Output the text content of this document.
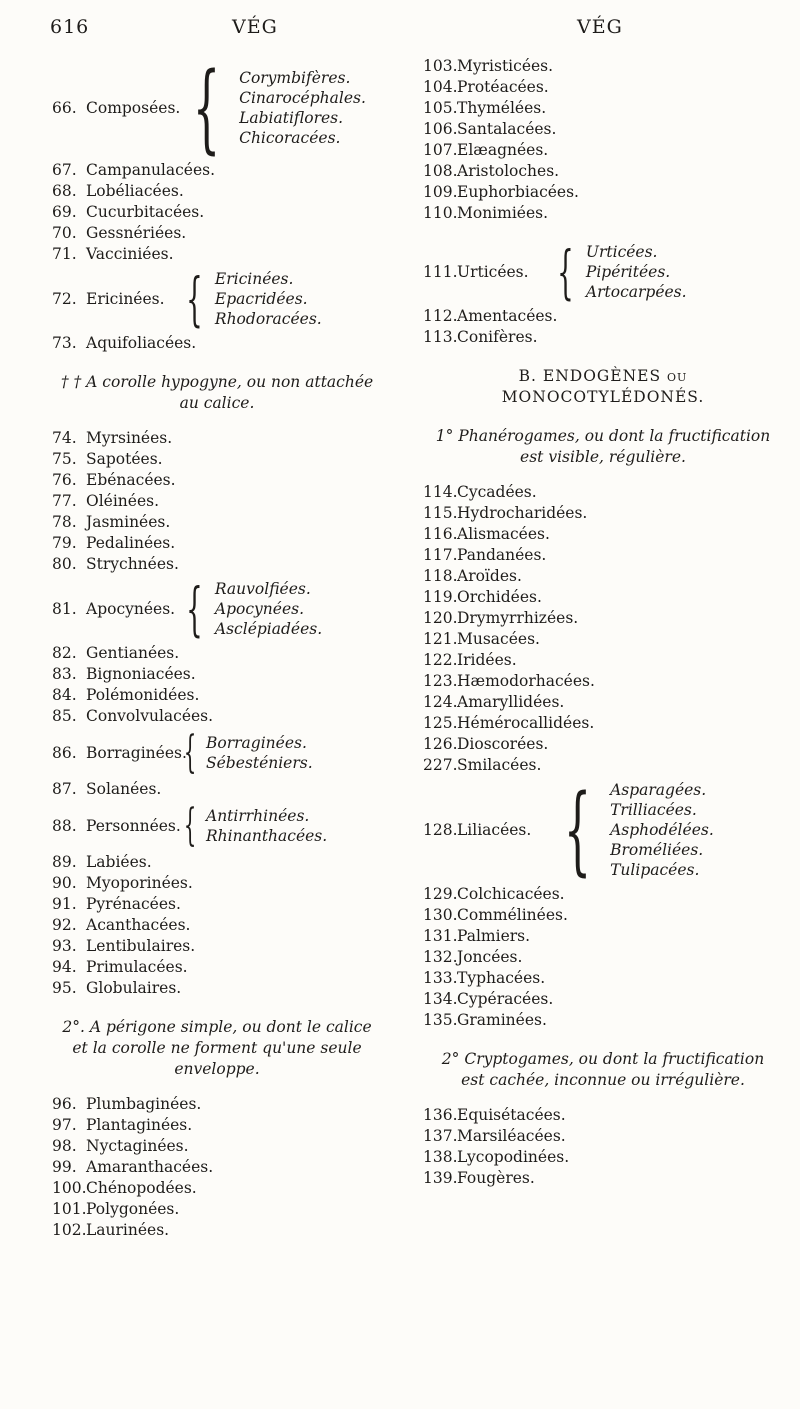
616	VÉG	VÉG
66. Composées. { Corymbifères.
Cinarocéphales.
Labiatiflores.
Chicoracées.
67. Campanulacées.
68. Lobéliacées.
69. Cucurbitacées.
70. Gessnériées.
71. Vacciniées.
72. Ericinées. { Ericinées.
Epacridées.
Rhodoracées.
73. Aquifoliacées.
† † A corolle hypogyne, ou non attachée au calice.
74. Myrsinées.
75. Sapotées.
76. Ebénacées.
77. Oléinées.
78. Jasminées.
79. Pedalinées.
80. Strychnées.
81. Apocynées. { Rauvolfiées.
Apocynées.
Asclépiadées.
82. Gentianées.
83. Bignoniacées.
84. Polémonidées.
85. Convolvulacées.
86. Borraginées.
{ Borraginées.
Sébesténiers.
87. Solanées.
88. Personnées. { Antirrhinées.
Rhinanthacées.
89. Labiées.
90. Myoporinées.
91. Pyrénacées.
92. Acanthacées.
93. Lentibulaires.
94. Primulacées.
95. Globulaires.
2°. A périgone simple, ou dont le calice et la corolle ne forment qu'une seule enveloppe.
96. Plumbaginées.
97. Plantaginées.
98. Nyctaginées.
99. Amaranthacées.
100. Chénopodées.
101. Polygonées.
102. Laurinées.
103. Myristicées.
104. Protéacées.
105. Thymélées.
106. Santalacées.
107. Elæagnées.
108. Aristoloches.
109. Euphorbiacées.
110. Monimiées.
111. Urticées. { Urticées.
Pipéritées.
Artocarpées.
112. Amentacées.
113. Conifères.
B. ENDOGÈNES ou MONOCOTYLÉDONÉS.
1° Phanérogames, ou dont la fructification est visible, régulière.
114. Cycadées.
115. Hydrocharidées.
116. Alismacées.
117. Pandanées.
118. Aroïdes.
119. Orchidées.
120. Drymyrrhizées.
121. Musacées.
122. Iridées.
123. Hæmodorhacées.
124. Amaryllidées.
125. Hémérocallidées.
126. Dioscorées.
227. Smilacées.
128. Liliacées. { Asparagées.
Trilliacées.
Asphodélées.
Broméliées.
Tulipacées.
129. Colchicacées.
130. Commélinées.
131. Palmiers.
132. Joncées.
133. Typhacées.
134. Cypéracées.
135. Graminées.
2° Cryptogames, ou dont la fructification est cachée, inconnue ou irrégulière.
136. Equisétacées.
137. Marsiléacées.
138. Lycopodinées.
139. Fougères.
